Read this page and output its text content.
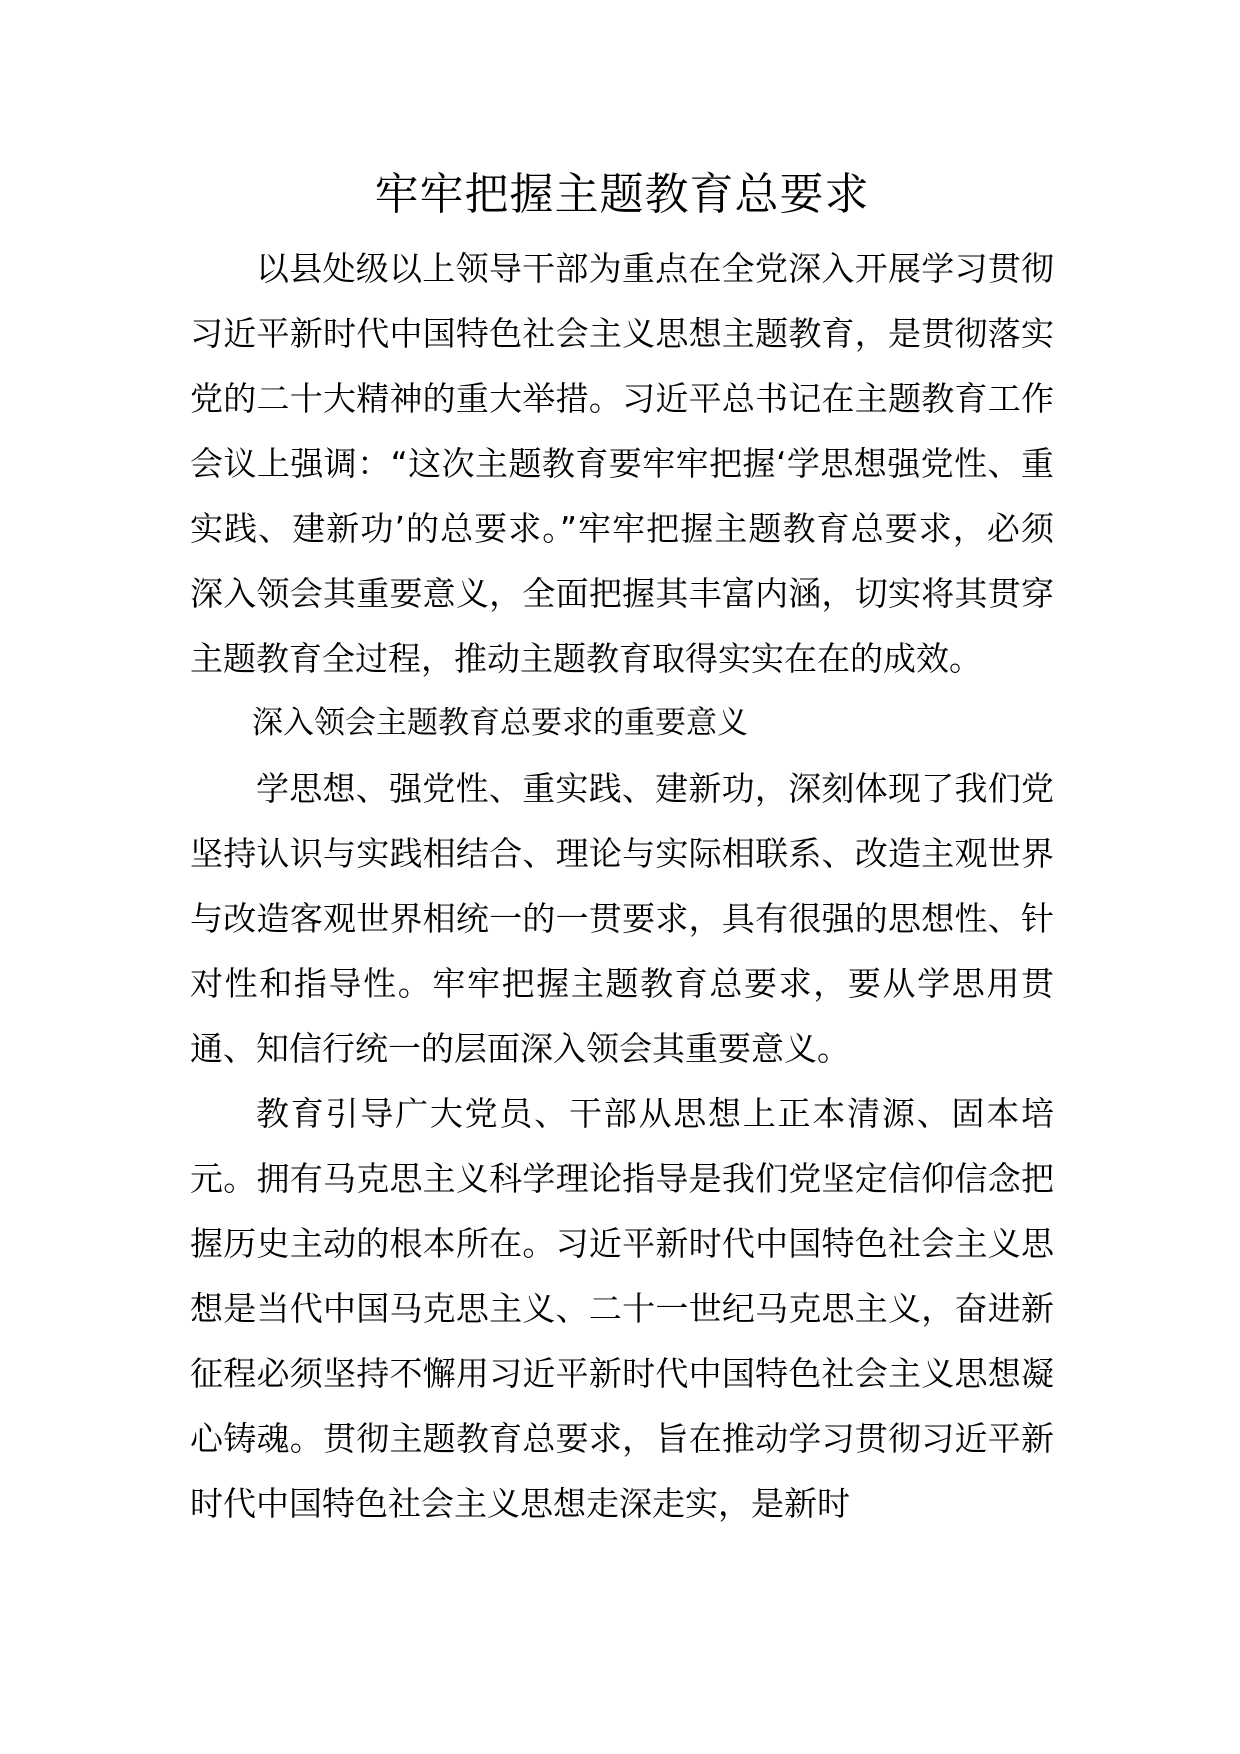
牢牢把握主题教育总要求

以县处级以上领导干部为重点在全党深入开展学习贯彻习近平新时代中国特色社会主义思想主题教育，是贯彻落实党的二十大精神的重大举措。习近平总书记在主题教育工作会议上强调：“这次主题教育要牢牢把握‘学思想强党性、重实践、建新功’的总要求。”牢牢把握主题教育总要求，必须深入领会其重要意义，全面把握其丰富内涵，切实将其贯穿主题教育全过程，推动主题教育取得实实在在的成效。

深入领会主题教育总要求的重要意义

学思想、强党性、重实践、建新功，深刻体现了我们党坚持认识与实践相结合、理论与实际相联系、改造主观世界与改造客观世界相统一的一贯要求，具有很强的思想性、针对性和指导性。牢牢把握主题教育总要求，要从学思用贯通、知信行统一的层面深入领会其重要意义。

教育引导广大党员、干部从思想上正本清源、固本培元。拥有马克思主义科学理论指导是我们党坚定信仰信念把握历史主动的根本所在。习近平新时代中国特色社会主义思想是当代中国马克思主义、二十一世纪马克思主义，奋进新征程必须坚持不懈用习近平新时代中国特色社会主义思想凝心铸魂。贯彻主题教育总要求，旨在推动学习贯彻习近平新时代中国特色社会主义思想走深走实，是新时
